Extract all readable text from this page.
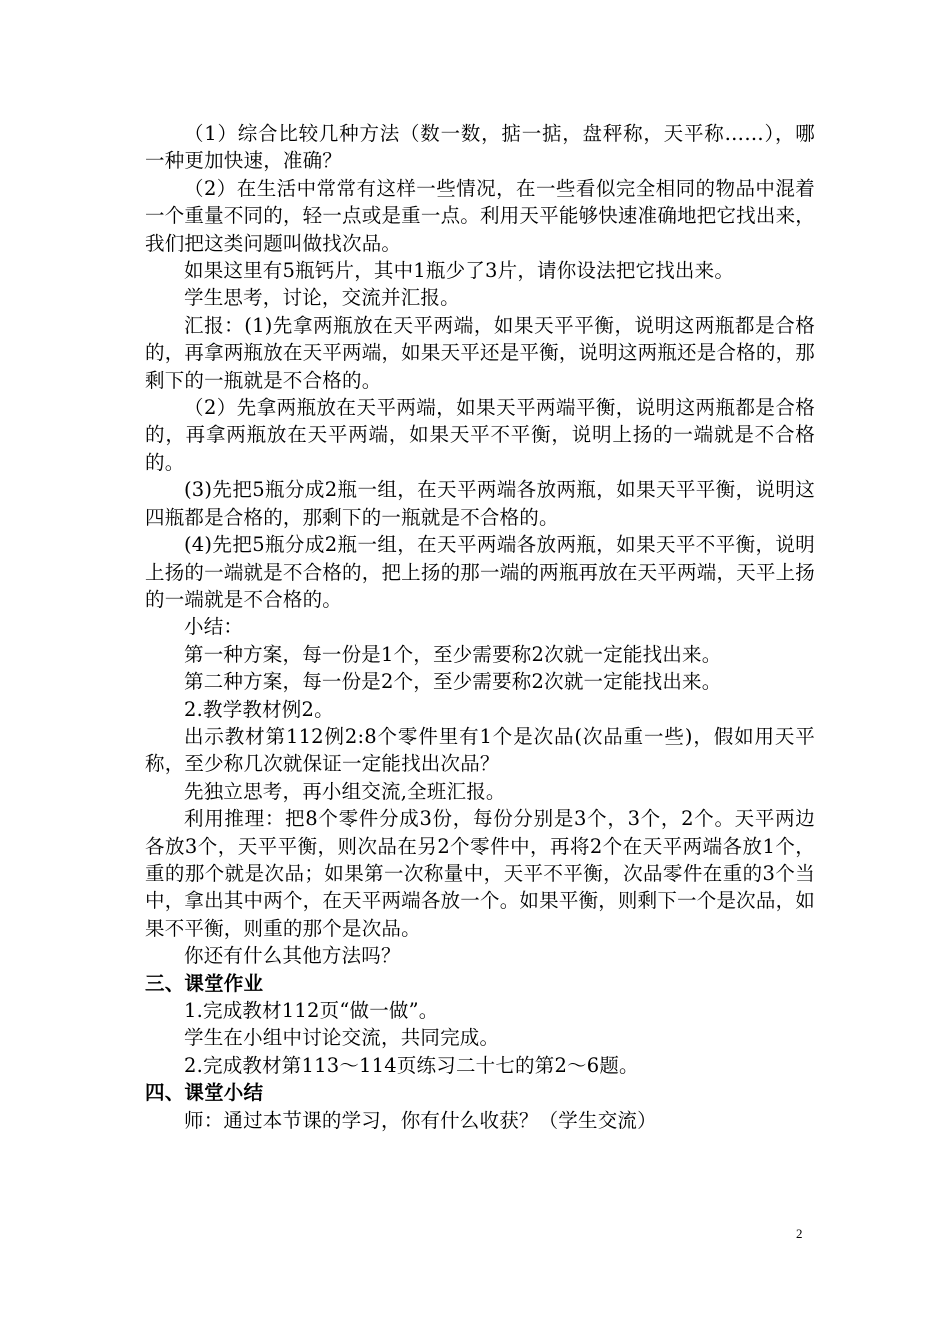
（1）综合比较几种方法（数一数，掂一掂，盘秤称，天平称……），哪一种更加快速，准确？

（2）在生活中常常有这样一些情况，在一些看似完全相同的物品中混着一个重量不同的，轻一点或是重一点。利用天平能够快速准确地把它找出来，我们把这类问题叫做找次品。

如果这里有5瓶钙片，其中1瓶少了3片，请你设法把它找出来。

学生思考，讨论，交流并汇报。

汇报：(1)先拿两瓶放在天平两端，如果天平平衡，说明这两瓶都是合格的，再拿两瓶放在天平两端，如果天平还是平衡，说明这两瓶还是合格的，那剩下的一瓶就是不合格的。

（2）先拿两瓶放在天平两端，如果天平两端平衡，说明这两瓶都是合格的，再拿两瓶放在天平两端，如果天平不平衡，说明上扬的一端就是不合格的。

(3)先把5瓶分成2瓶一组，在天平两端各放两瓶，如果天平平衡，说明这四瓶都是合格的，那剩下的一瓶就是不合格的。

(4)先把5瓶分成2瓶一组，在天平两端各放两瓶，如果天平不平衡，说明上扬的一端就是不合格的，把上扬的那一端的两瓶再放在天平两端，天平上扬的一端就是不合格的。

小结：

第一种方案，每一份是1个，至少需要称2次就一定能找出来。

第二种方案，每一份是2个，至少需要称2次就一定能找出来。

2.教学教材例2。

出示教材第112例2:8个零件里有1个是次品(次品重一些)，假如用天平称，至少称几次就保证一定能找出次品？

先独立思考，再小组交流,全班汇报。

利用推理：把8个零件分成3份，每份分别是3个，3个，2个。天平两边各放3个，天平平衡，则次品在另2个零件中，再将2个在天平两端各放1个，重的那个就是次品；如果第一次称量中，天平不平衡，次品零件在重的3个当中，拿出其中两个，在天平两端各放一个。如果平衡，则剩下一个是次品，如果不平衡，则重的那个是次品。

你还有什么其他方法吗？

三、课堂作业

1.完成教材112页“做一做”。

学生在小组中讨论交流，共同完成。

2.完成教材第113～114页练习二十七的第2～6题。

四、课堂小结

师：通过本节课的学习，你有什么收获？（学生交流）

2
